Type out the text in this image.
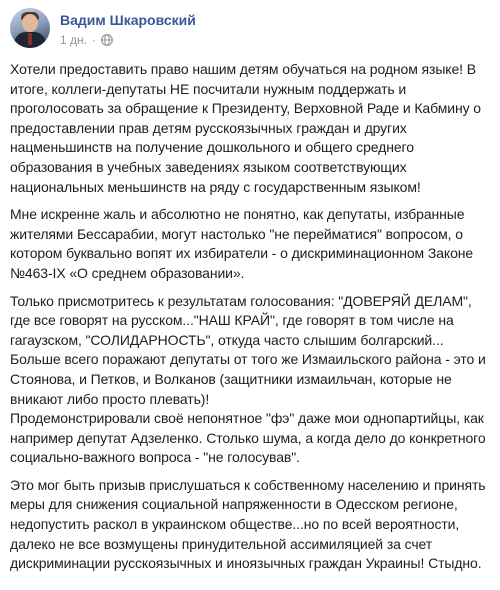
Вадим Шкаровский
1 дн. ·

Хотели предоставить право нашим детям обучаться на родном языке! В итоге, коллеги-депутаты НЕ посчитали нужным поддержать и проголосовать за обращение к Президенту, Верховной Раде и Кабмину о предоставлении прав детям русскоязычных граждан и других нацменьшинств на получение дошкольного и общего среднего образования в учебных заведениях языком соответствующих национальных меньшинств на ряду с государственным языком!

Мне искренне жаль и абсолютно не понятно, как депутаты, избранные жителями Бессарабии, могут настолько "не перейматися" вопросом, о котором буквально вопят их избиратели - о дискриминационном Законе №463-IX «О среднем образовании».

Только присмотритесь к результатам голосования: "ДОВЕРЯЙ ДЕЛАМ", где все говорят на русском..."НАШ КРАЙ", где говорят в том числе на гагаузском, "СОЛИДАРНОСТЬ", откуда часто слышим болгарский... Больше всего поражают депутаты от того же Измаильского района - это и Стоянова, и Петков, и Волканов (защитники измаильчан, которые не вникают либо просто плевать)!
Продемонстрировали своё непонятное "фэ" даже мои однопартийцы, как например депутат Адзеленко. Столько шума, а когда дело до конкретного социально-важного вопроса - "не голосував".

Это мог быть призыв прислушаться к собственному населению и принять меры для снижения социальной напряженности в Одесском регионе, недопустить раскол в украинском обществе...но по всей вероятности, далеко не все возмущены принудительной ассимиляцией за счет дискриминации русскоязычных и иноязычных граждан Украины! Стыдно.
